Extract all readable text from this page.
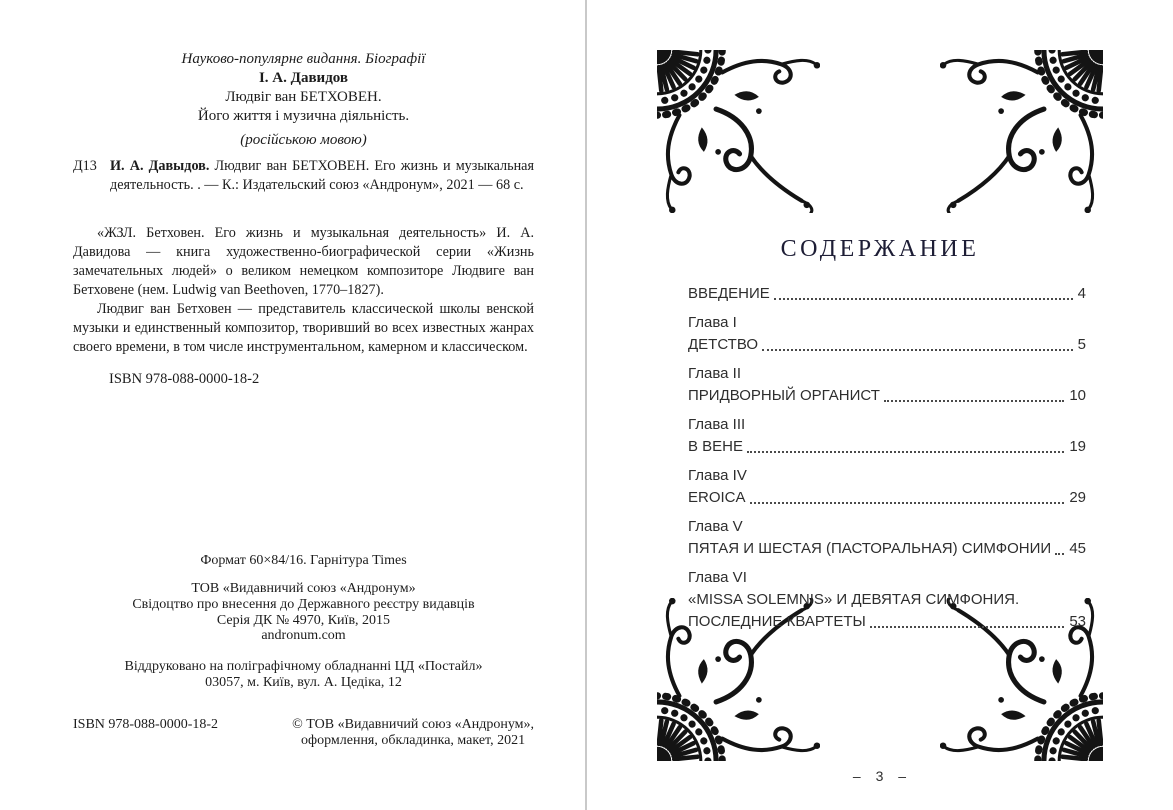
Науково-популярне видання. Біографії
І. А. Давидов
Людвіг ван БЕТХОВЕН.
Його життя і музична діяльність.
(російською мовою)
Д13 И. А. Давыдов. Людвиг ван БЕТХОВЕН. Его жизнь и музыкальная деятельность. . — К.: Издательский союз «Андронум», 2021 — 68 с.

«ЖЗЛ. Бетховен. Его жизнь и музыкальная деятельность» И. А. Давидова — книга художественно-биографической серии «Жизнь замечательных людей» о великом немецком композиторе Людвиге ван Бетховене (нем. Ludwig van Beethoven, 1770–1827).

Людвиг ван Бетховен — представитель классической школы венской музыки и единственный композитор, творивший во всех известных жанрах своего времени, в том числе инструментальном, камерном и классическом.

ISBN 978-088-0000-18-2
Формат 60×84/16. Гарнітура Times
ТОВ «Видавничий союз «Андронум»
Свідоцтво про внесення до Державного реєстру видавців
Серія ДК № 4970, Київ, 2015
andronum.com
Віддруковано на поліграфічному обладнанні ЦД «Постайл»
03057, м. Київ, вул. А. Цедіка, 12
ISBN 978-088-0000-18-2	© ТОВ «Видавничий союз «Андронум»,
оформлення, обкладинка, макет, 2021
СОДЕРЖАНИЕ
ВВЕДЕНИЕ	4
Глава I
ДЕТСТВО	5
Глава II
ПРИДВОРНЫЙ ОРГАНИСТ	10
Глава III
В ВЕНЕ	19
Глава IV
EROICA	29
Глава V
ПЯТАЯ И ШЕСТАЯ (ПАСТОРАЛЬНАЯ) СИМФОНИИ 45
Глава VI
«MISSA SOLEMNIS» И ДЕВЯТАЯ СИМФОНИЯ.
ПОСЛЕДНИЕ КВАРТЕТЫ	53
– 3 –
